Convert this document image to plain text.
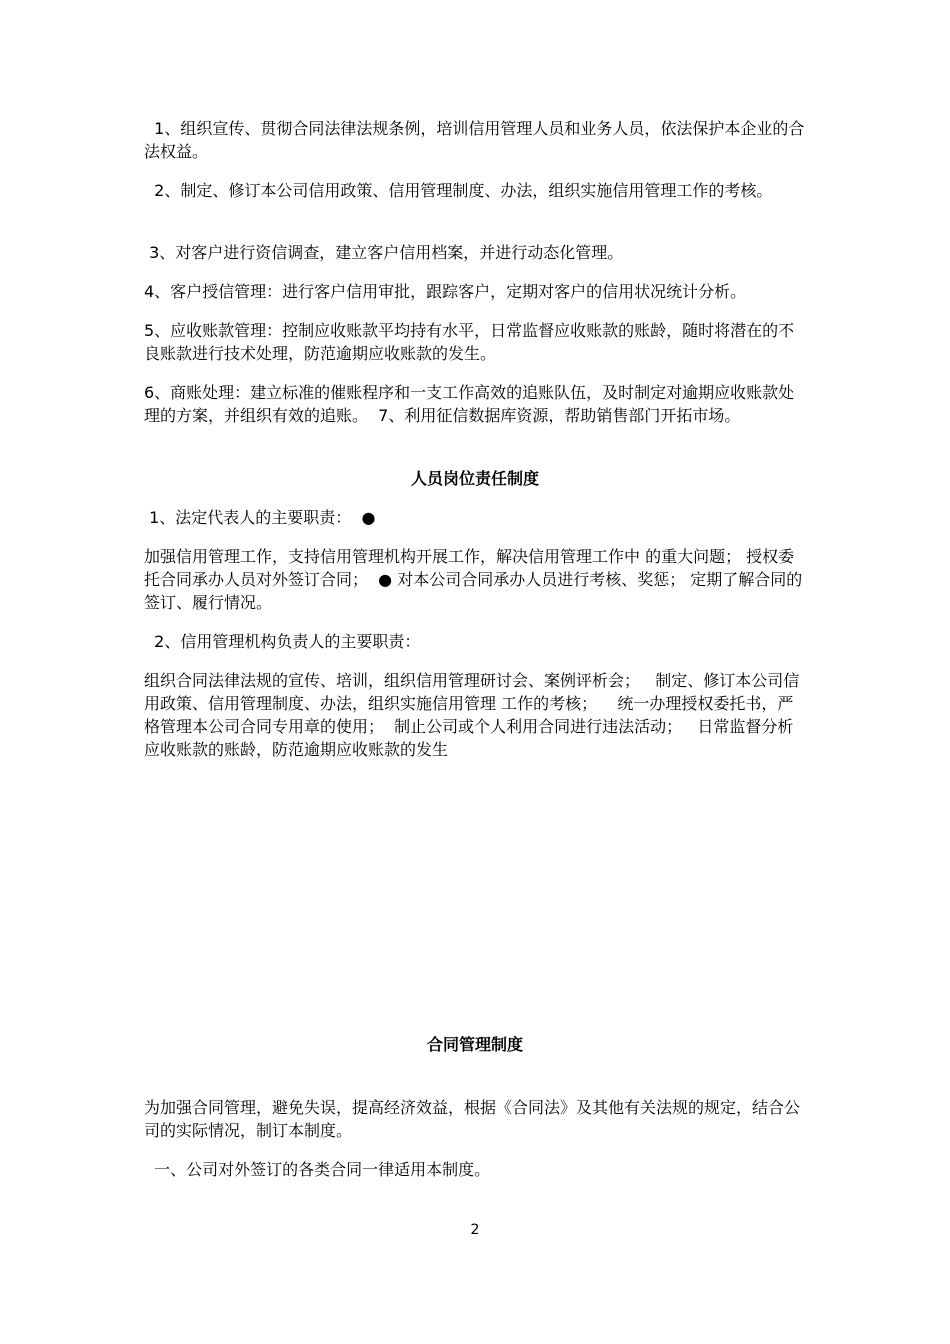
1、组织宣传、贯彻合同法律法规条例，培训信用管理人员和业务人员，依法保护本企业的合法权益。
2、制定、修订本公司信用政策、信用管理制度、办法，组织实施信用管理工作的考核。
3、对客户进行资信调查，建立客户信用档案，并进行动态化管理。
4、客户授信管理：进行客户信用审批，跟踪客户，定期对客户的信用状况统计分析。
5、应收账款管理：控制应收账款平均持有水平，日常监督应收账款的账龄，随时将潜在的不良账款进行技术处理，防范逾期应收账款的发生。
6、商账处理：建立标准的催账程序和一支工作高效的追账队伍，及时制定对逾期应收账款处理的方案，并组织有效的追账。  7、利用征信数据库资源，帮助销售部门开拓市场。
人员岗位责任制度
1、法定代表人的主要职责：  ●
加强信用管理工作，支持信用管理机构开展工作，解决信用管理工作中 的重大问题； 授权委托合同承办人员对外签订合同；  ● 对本公司合同承办人员进行考核、奖惩； 定期了解合同的签订、履行情况。
2、信用管理机构负责人的主要职责：
组织合同法律法规的宣传、培训，组织信用管理研讨会、案例评析会；   制定、修订本公司信用政策、信用管理制度、办法，组织实施信用管理 工作的考核；    统一办理授权委托书，严格管理本公司合同专用章的使用；  制止公司或个人利用合同进行违法活动；   日常监督分析应收账款的账龄，防范逾期应收账款的发生
合同管理制度
为加强合同管理，避免失误，提高经济效益，根据《合同法》及其他有关法规的规定，结合公司的实际情况，制订本制度。
一、公司对外签订的各类合同一律适用本制度。
2
